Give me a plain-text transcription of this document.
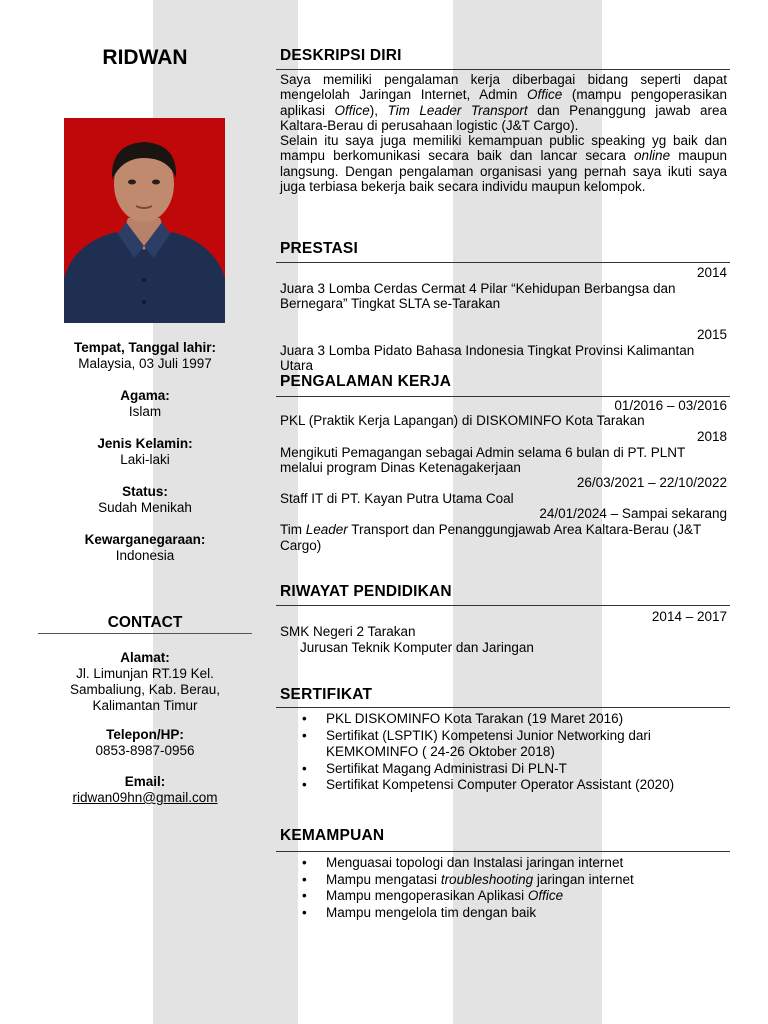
RIDWAN
Tempat, Tanggal lahir:
Malaysia, 03 Juli 1997
Agama:
Islam
Jenis Kelamin:
Laki-laki
Status:
Sudah Menikah
Kewarganegaraan:
Indonesia
CONTACT
Alamat:
Jl. Limunjan RT.19 Kel.
Sambaliung, Kab. Berau,
Kalimantan Timur
Telepon/HP:
0853-8987-0956
Email:
ridwan09hn@gmail.com
DESKRIPSI DIRI
Saya memiliki pengalaman kerja diberbagai bidang seperti dapat mengelolah Jaringan Internet, Admin Office (mampu pengoperasikan aplikasi Office), Tim Leader Transport dan Penanggung jawab area Kaltara-Berau di perusahaan logistic (J&T Cargo).
Selain itu saya juga memiliki kemampuan public speaking yg baik dan mampu berkomunikasi secara baik dan lancar secara online maupun langsung. Dengan pengalaman organisasi yang pernah saya ikuti saya juga terbiasa bekerja baik secara individu maupun kelompok.
PRESTASI
2014
Juara 3 Lomba Cerdas Cermat 4 Pilar “Kehidupan Berbangsa dan
Bernegara” Tingkat SLTA se-Tarakan
2015
Juara 3 Lomba Pidato Bahasa Indonesia Tingkat Provinsi Kalimantan
Utara
PENGALAMAN KERJA
01/2016 – 03/2016
PKL (Praktik Kerja Lapangan) di DISKOMINFO Kota Tarakan
2018
Mengikuti Pemagangan sebagai Admin selama 6 bulan di PT. PLNT
melalui program Dinas Ketenagakerjaan
26/03/2021 – 22/10/2022
Staff IT di PT. Kayan Putra Utama Coal
24/01/2024 – Sampai sekarang
Tim Leader Transport dan Penanggungjawab Area Kaltara-Berau (J&T
Cargo)
RIWAYAT PENDIDIKAN
2014 – 2017
SMK Negeri 2 Tarakan
Jurusan Teknik Komputer dan Jaringan
SERTIFIKAT
• PKL DISKOMINFO Kota Tarakan (19 Maret 2016)
• Sertifikat (LSPTIK) Kompetensi Junior Networking dari KEMKOMINFO ( 24-26 Oktober 2018)
• Sertifikat Magang Administrasi Di PLN-T
• Sertifikat Kompetensi Computer Operator Assistant (2020)
KEMAMPUAN
• Menguasai topologi dan Instalasi jaringan internet
• Mampu mengatasi troubleshooting jaringan internet
• Mampu mengoperasikan Aplikasi Office
• Mampu mengelola tim dengan baik
